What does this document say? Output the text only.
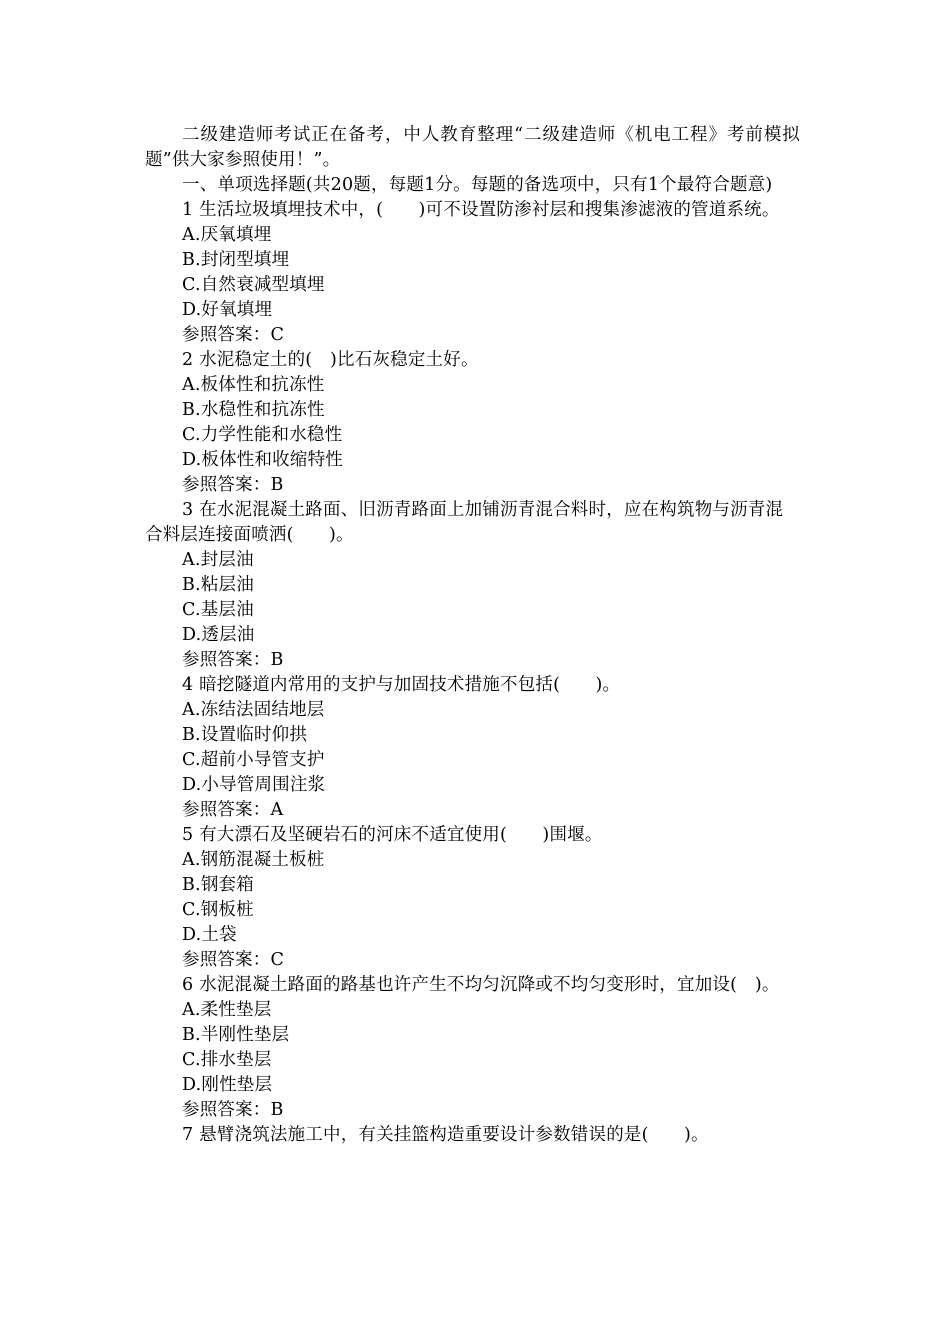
二级建造师考试正在备考，中人教育整理“二级建造师《机电工程》考前模拟题”供大家参照使用！”。

一、单项选择题(共20题，每题1分。每题的备选项中，只有1个最符合题意)

1 生活垃圾填埋技术中，(　　)可不设置防渗衬层和搜集渗滤液的管道系统。

A.厌氧填埋

B.封闭型填埋

C.自然衰减型填埋

D.好氧填埋

参照答案：C

2 水泥稳定土的(　)比石灰稳定土好。

A.板体性和抗冻性

B.水稳性和抗冻性

C.力学性能和水稳性

D.板体性和收缩特性

参照答案：B

3 在水泥混凝土路面、旧沥青路面上加铺沥青混合料时，应在构筑物与沥青混合料层连接面喷洒(　　)。

A.封层油

B.粘层油

C.基层油

D.透层油

参照答案：B

4 暗挖隧道内常用的支护与加固技术措施不包括(　　)。

A.冻结法固结地层

B.设置临时仰拱

C.超前小导管支护

D.小导管周围注浆

参照答案：A

5 有大漂石及坚硬岩石的河床不适宜使用(　　)围堰。

A.钢筋混凝土板桩

B.钢套箱

C.钢板桩

D.土袋

参照答案：C

6 水泥混凝土路面的路基也许产生不均匀沉降或不均匀变形时，宜加设(　)。

A.柔性垫层

B.半刚性垫层

C.排水垫层

D.刚性垫层

参照答案：B

7 悬臂浇筑法施工中，有关挂篮构造重要设计参数错误的是(　　)。
